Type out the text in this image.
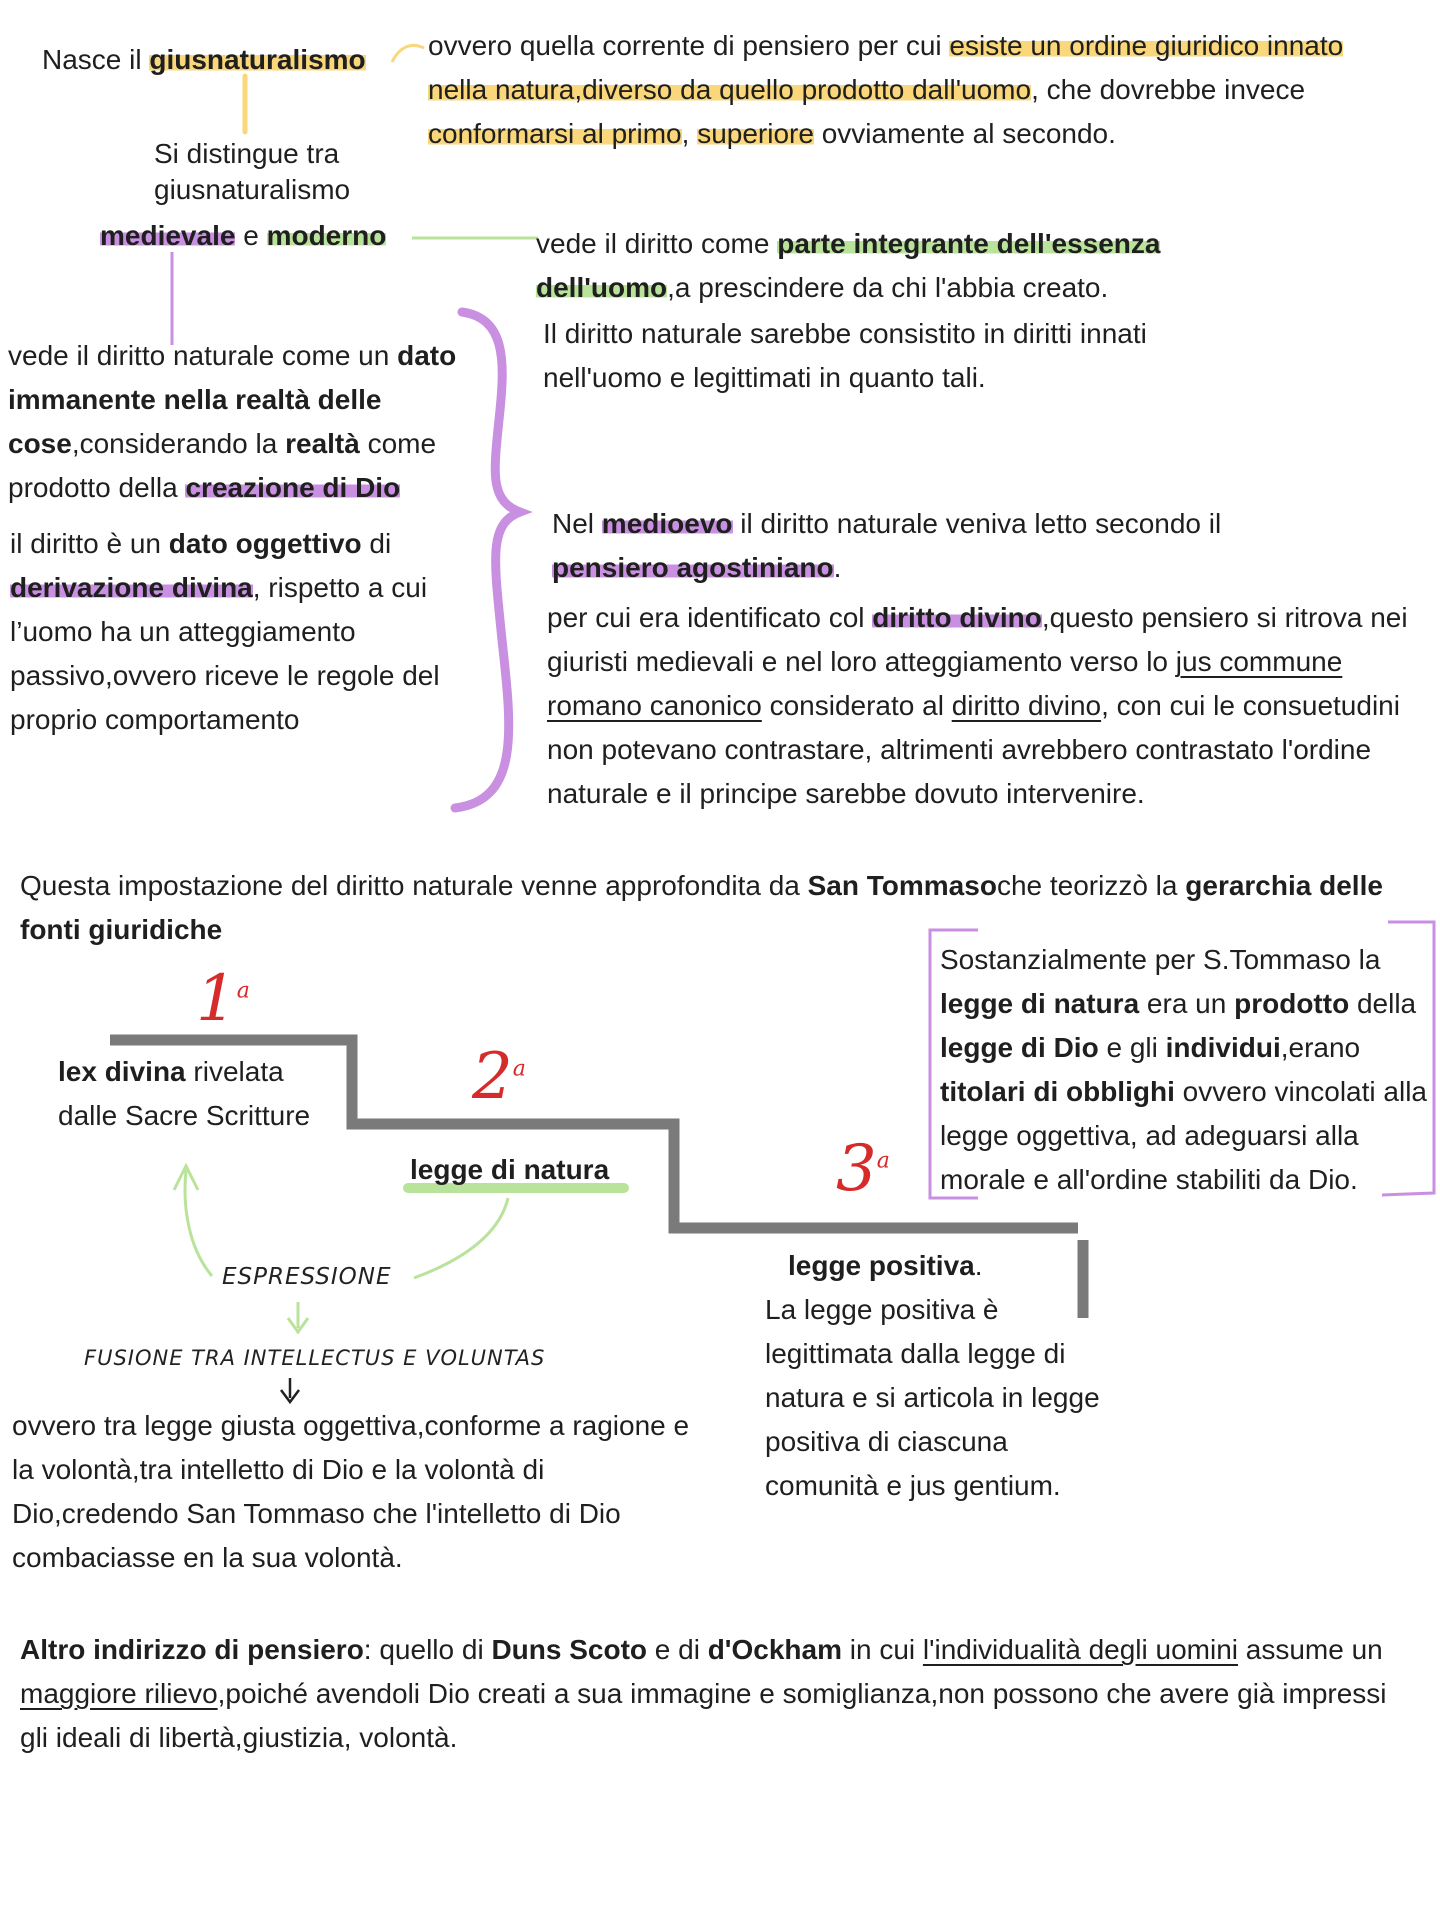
Nasce il giusnaturalismo ovvero quella corrente di pensiero per cui esiste un ordine giuridico innato nella natura,diverso da quello prodotto dall'uomo, che dovrebbe invece conformarsi al primo, superiore ovviamente al secondo.

Si distingue tra giusnaturalismo

medievale e moderno	vede il diritto come parte integrante dell'essenza dell'uomo,a prescindere da chi l'abbia creato.

Il diritto naturale sarebbe consistito in diritti innati nell'uomo e legittimati in quanto tali.

vede il diritto naturale come un dato immanente nella realtà delle cose,considerando la realtà come prodotto della creazione di Dio

il diritto è un dato oggettivo di derivazione divina, rispetto a cui l’uomo ha un atteggiamento passivo,ovvero riceve le regole del proprio comportamento

Nel medioevo il diritto naturale veniva letto secondo il
pensiero agostiniano.

per cui era identificato col diritto divino,questo pensiero si ritrova nei giuristi medievali e nel loro atteggiamento verso lo jus commune romano canonico considerato al diritto divino, con cui le consuetudini non potevano contrastare, altrimenti avrebbero contrastato l'ordine naturale e il principe sarebbe dovuto intervenire.

Questa impostazione del diritto naturale venne approfondita da San Tommasoche teorizzò la gerarchia delle fonti giuridiche

Sostanzialmente per S.Tommaso la legge di natura era un prodotto della legge di Dio e gli individui,erano titolari di obblighi ovvero vincolati alla legge oggettiva, ad adeguarsi alla morale e all'ordine stabiliti da Dio.

1$^a$

2$^a$

3$^a$

lex divina rivelata dalle Sacre Scritture

legge di natura

legge positiva.

La legge positiva è legittimata dalla legge di natura e si articola in legge positiva di ciascuna comunità e jus gentium.

ESPRESSIONE

FUSIONE TRA INTELLECTUS E VOLUNTAS

ovvero tra legge giusta oggettiva,conforme a ragione e la volontà,tra intelletto di Dio e la volontà di Dio,credendo San Tommaso che l'intelletto di Dio combaciasse en la sua volontà.

Altro indirizzo di pensiero: quello di Duns Scoto e di d'Ockham in cui l'individualità degli uomini assume un maggiore rilievo,poiché avendoli Dio creati a sua immagine e somiglianza,non possono che avere già impressi gli ideali di libertà,giustizia, volontà.
